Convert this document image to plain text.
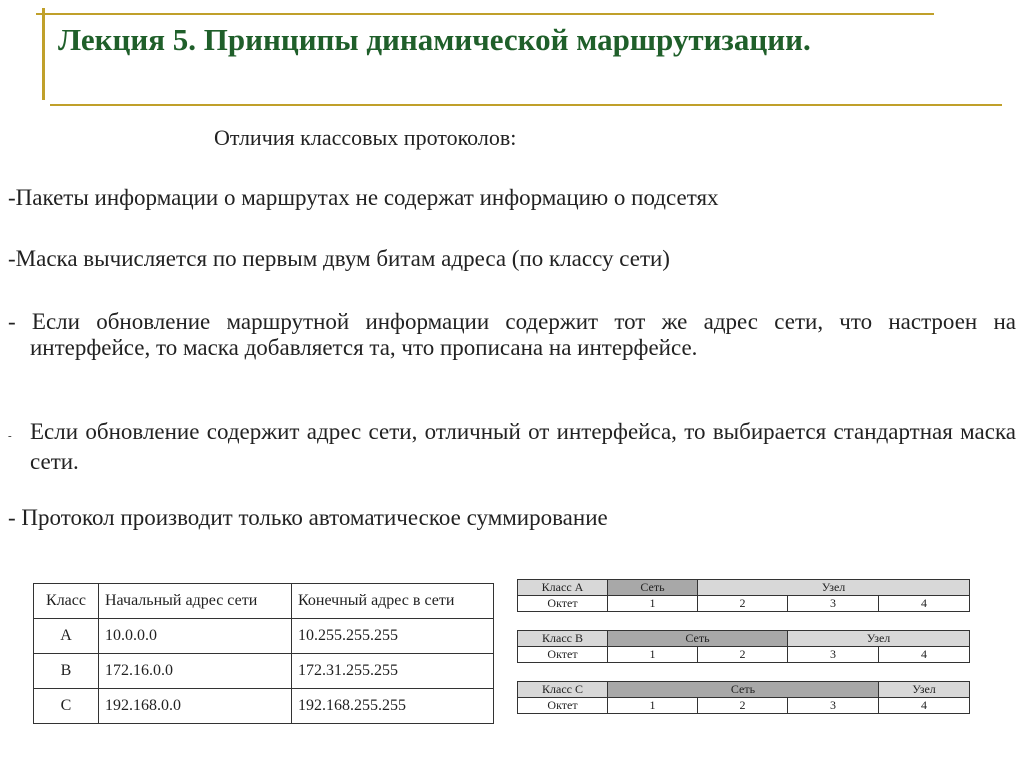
Лекция 5. Принципы динамической маршрутизации.
Отличия классовых протоколов:

-Пакеты информации о маршрутах не содержат информацию о подсетях

-Маска вычисляется по первым двум битам адреса (по классу сети)

- Если обновление маршрутной информации содержит тот же адрес сети, что настроен на интерфейсе, то маска добавляется та, что прописана на интерфейсе.

- Если обновление содержит адрес сети, отличный от интерфейса, то выбирается стандартная маска сети.

- Протокол производит только автоматическое суммирование

Класс	Начальный адрес сети	Конечный адрес в сети
A	10.0.0.0	10.255.255.255
B	172.16.0.0	172.31.255.255
C	192.168.0.0	192.168.255.255
Класс А	Сеть	Узел		
Октет	1	2	3	4
Класс В	Сеть		Узел	
Октет	1	2	3	4
Класс С	Сеть			Узел
Октет	1	2	3	4
